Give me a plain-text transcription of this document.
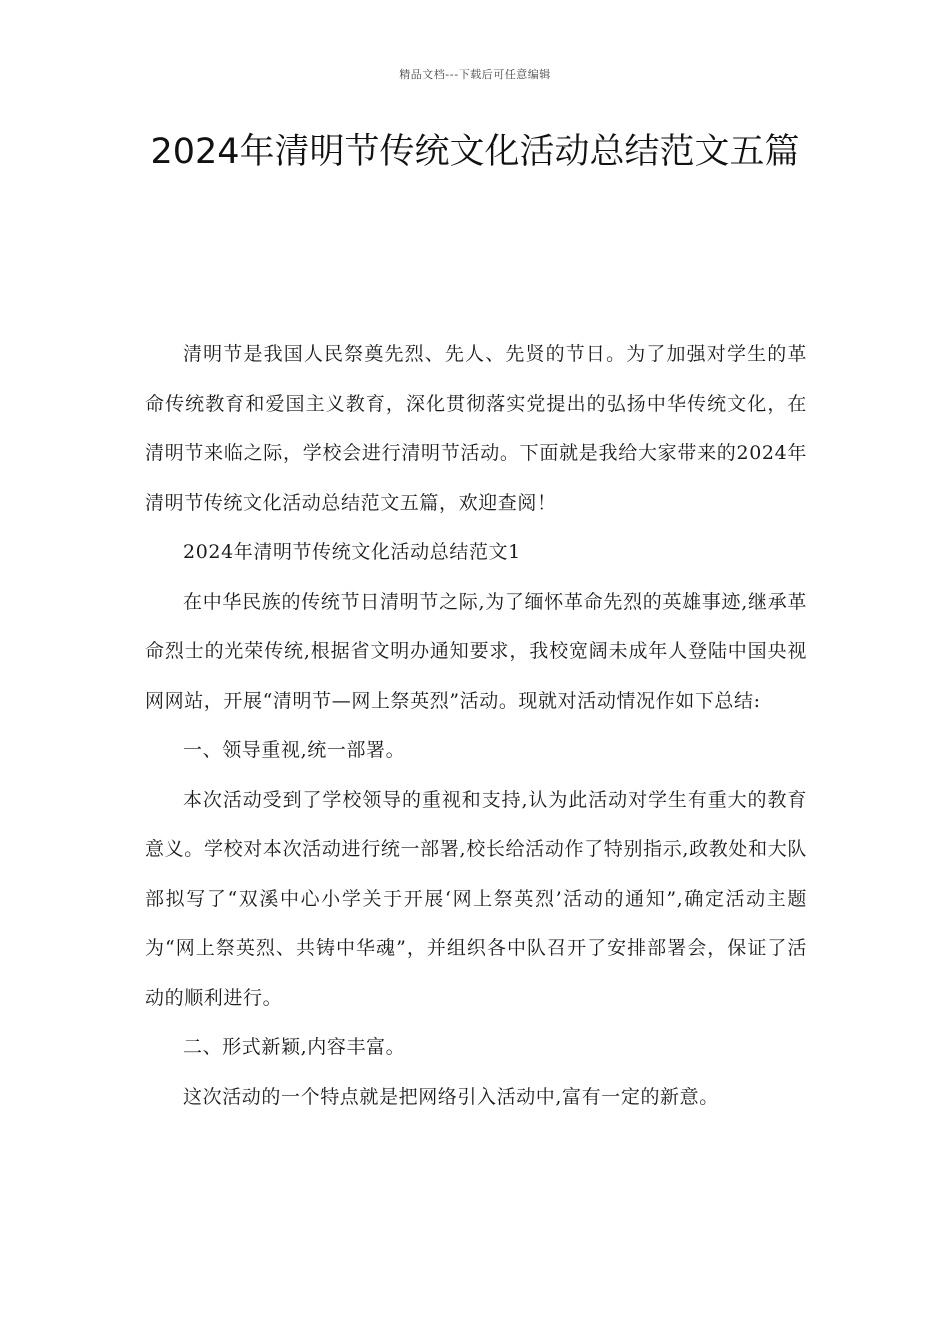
精品文档---下载后可任意编辑
2024年清明节传统文化活动总结范文五篇

清明节是我国人民祭奠先烈、先人、先贤的节日。为了加强对学生的革命传统教育和爱国主义教育，深化贯彻落实党提出的弘扬中华传统文化，在清明节来临之际，学校会进行清明节活动。下面就是我给大家带来的2024年清明节传统文化活动总结范文五篇，欢迎查阅！

2024年清明节传统文化活动总结范文1

在中华民族的传统节日清明节之际,为了缅怀革命先烈的英雄事迹,继承革命烈士的光荣传统,根据省文明办通知要求，我校宽阔未成年人登陆中国央视网网站，开展“清明节—网上祭英烈”活动。现就对活动情况作如下总结:

一、领导重视,统一部署。

本次活动受到了学校领导的重视和支持,认为此活动对学生有重大的教育意义。学校对本次活动进行统一部署,校长给活动作了特别指示,政教处和大队部拟写了“双溪中心小学关于开展‘网上祭英烈’活动的通知”,确定活动主题为“网上祭英烈、共铸中华魂”，并组织各中队召开了安排部署会，保证了活动的顺利进行。

二、形式新颖,内容丰富。

这次活动的一个特点就是把网络引入活动中,富有一定的新意。
